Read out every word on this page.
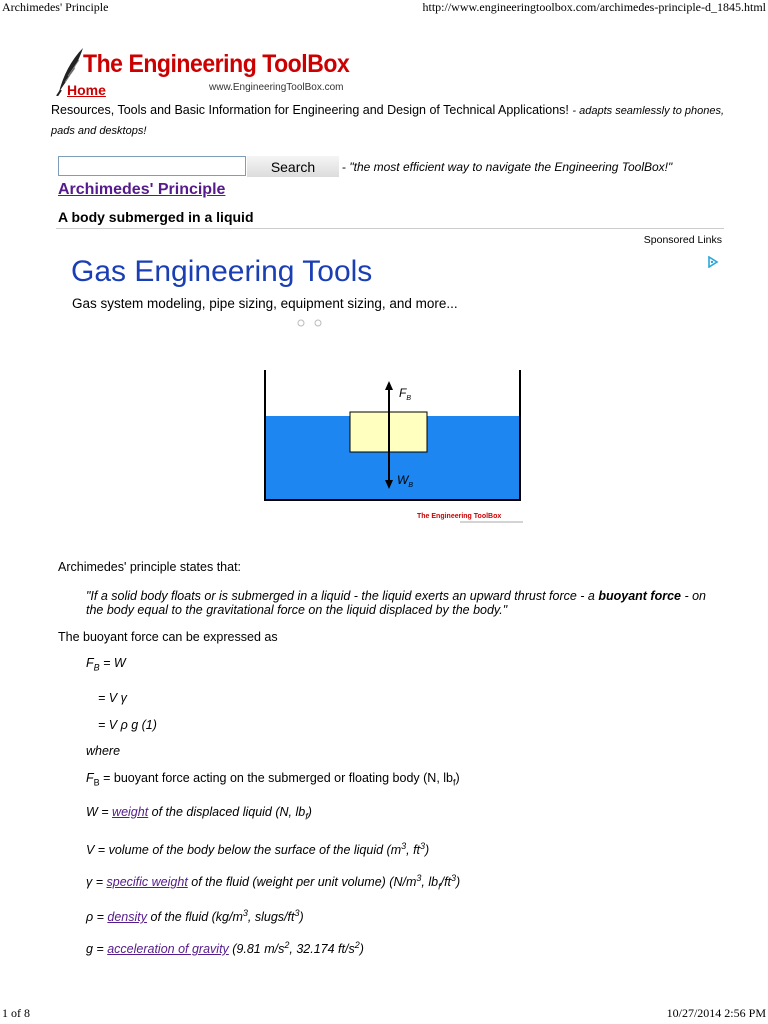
Archimedes' Principle	http://www.engineeringtoolbox.com/archimedes-principle-d_1845.html
1 of 8	10/27/2014 2:56 PM
The Engineering ToolBox
www.EngineeringToolBox.com
Home
Resources, Tools and Basic Information for Engineering and Design of Technical Applications! - adapts seamlessly to phones, pads and desktops!
Search	- "the most efficient way to navigate the Engineering ToolBox!"
Archimedes' Principle
A body submerged in a liquid
Sponsored Links
Gas Engineering Tools
Gas system modeling, pipe sizing, equipment sizing, and more...
$F_B$
$W_B$
The Engineering ToolBox
Archimedes' principle states that:
"If a solid body floats or is submerged in a liquid - the liquid exerts an upward thrust force - a buoyant force - on the body equal to the gravitational force on the liquid displaced by the body."
The buoyant force can be expressed as
$F_B = W$
= V γ
= V ρ g (1)
where
$F_B$ = buoyant force acting on the submerged or floating body (N, $lb_f$)
W = weight of the displaced liquid (N, $lb_f$)
V = volume of the body below the surface of the liquid ($m^3$, $ft^3$)
γ = specific weight of the fluid (weight per unit volume) ($N/m^3$, $lb_f/ft^3$)
ρ = density of the fluid ($kg/m^3$, slugs/$ft^3$)
g = acceleration of gravity (9.81 $m/s^2$, 32.174 $ft/s^2$)
